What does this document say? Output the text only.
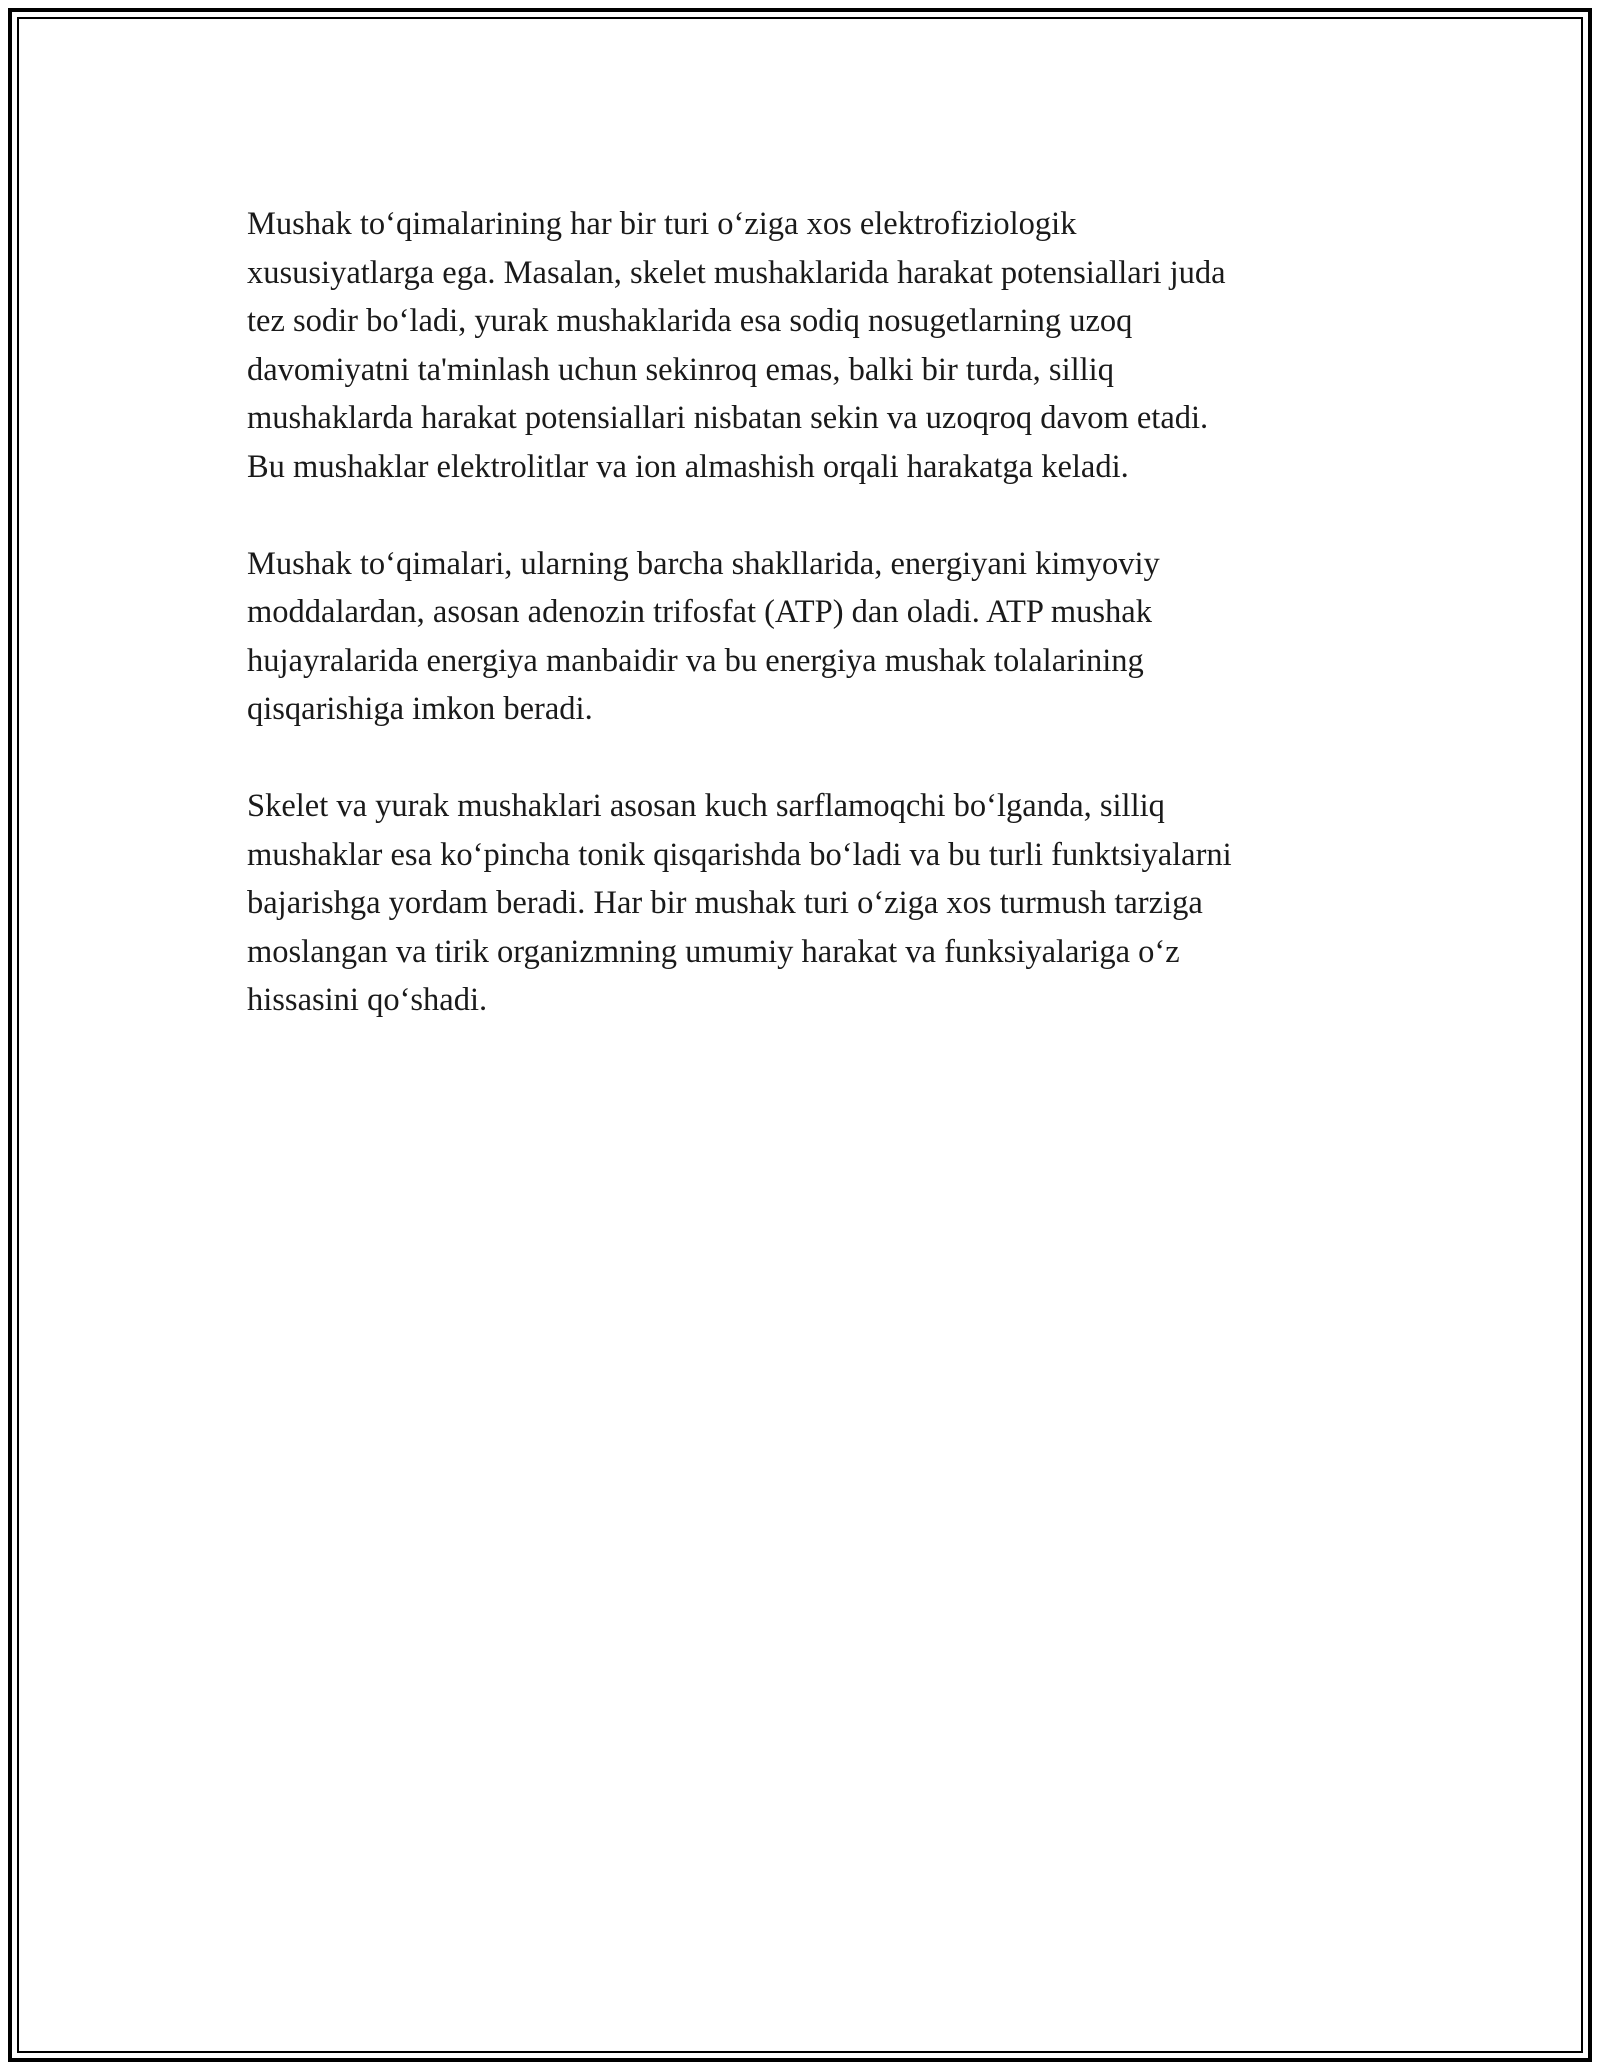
Mushak to‘qimalarining har bir turi o‘ziga xos elektrofiziologik
xususiyatlarga ega. Masalan, skelet mushaklarida harakat potensiallari juda
tez sodir bo‘ladi, yurak mushaklarida esa sodiq nosugetlarning uzoq
davomiyatni ta'minlash uchun sekinroq emas, balki bir turda, silliq
mushaklarda harakat potensiallari nisbatan sekin va uzoqroq davom etadi.
Bu mushaklar elektrolitlar va ion almashish orqali harakatga keladi.

Mushak to‘qimalari, ularning barcha shakllarida, energiyani kimyoviy
moddalardan, asosan adenozin trifosfat (ATP) dan oladi. ATP mushak
hujayralarida energiya manbaidir va bu energiya mushak tolalarining
qisqarishiga imkon beradi.

Skelet va yurak mushaklari asosan kuch sarflamoqchi bo‘lganda, silliq
mushaklar esa ko‘pincha tonik qisqarishda bo‘ladi va bu turli funktsiyalarni
bajarishga yordam beradi. Har bir mushak turi o‘ziga xos turmush tarziga
moslangan va tirik organizmning umumiy harakat va funksiyalariga o‘z
hissasini qo‘shadi.
